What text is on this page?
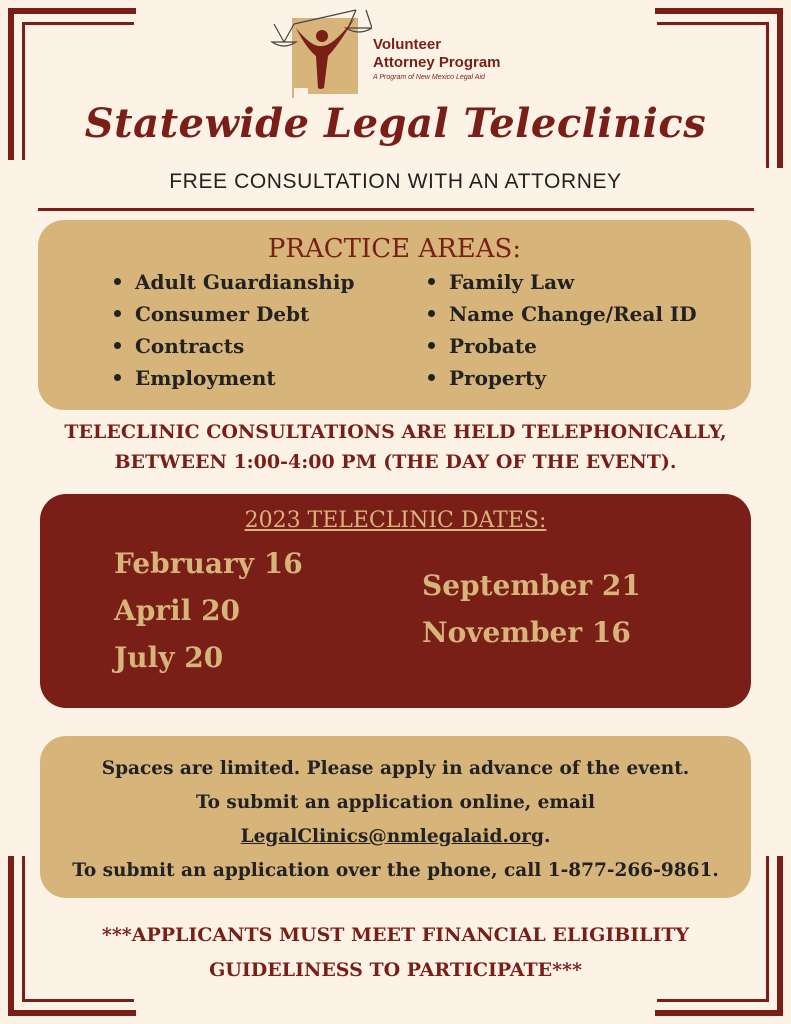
Volunteer
Attorney Program
A Program of New Mexico Legal Aid
Statewide Legal Teleclinics
FREE CONSULTATION WITH AN ATTORNEY
PRACTICE AREAS:
Adult Guardianship
Consumer Debt
Contracts
Employment
Family Law
Name Change/Real ID
Probate
Property
TELECLINIC CONSULTATIONS ARE HELD TELEPHONICALLY,
BETWEEN 1:00-4:00 PM (THE DAY OF THE EVENT).
2023 TELECLINIC DATES:
February 16
April 20
July 20
September 21
November 16
Spaces are limited. Please apply in advance of the event.
To submit an application online, email
LegalClinics@nmlegalaid.org.
To submit an application over the phone, call 1-877-266-9861.
***APPLICANTS MUST MEET FINANCIAL ELIGIBILITY
GUIDELINESS TO PARTICIPATE***
